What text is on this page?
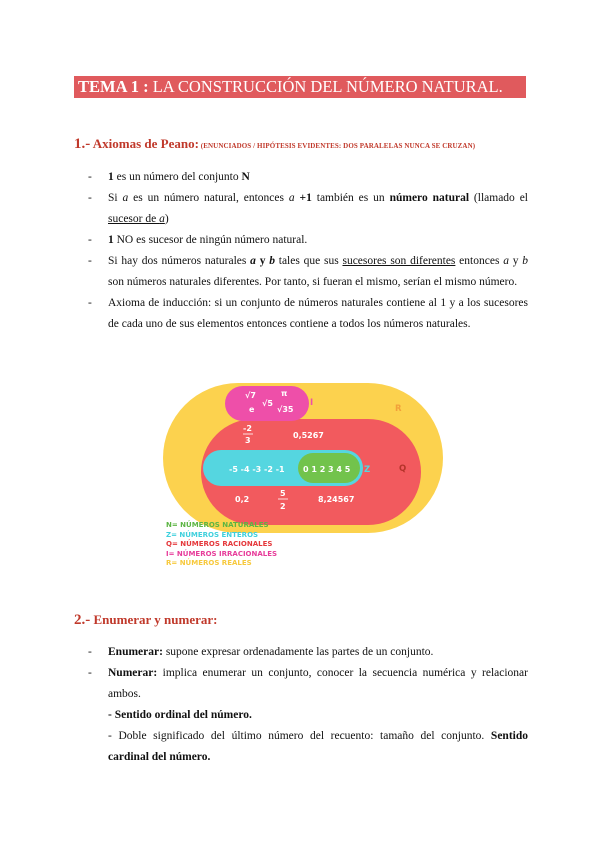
TEMA 1 : LA CONSTRUCCIÓN DEL NÚMERO NATURAL.
1.- Axiomas de Peano: (ENUNCIADOS / HIPÓTESIS EVIDENTES: DOS PARALELAS NUNCA SE CRUZAN)
- 1 es un número del conjunto N
- Si a es un número natural, entonces a +1 también es un número natural (llamado el sucesor de a)
- 1 NO es sucesor de ningún número natural.
- Si hay dos números naturales a y b tales que sus sucesores son diferentes entonces a y b son números naturales diferentes. Por tanto, si fueran el mismo, serían el mismo número.
- Axioma de inducción: si un conjunto de números naturales contiene al 1 y a los sucesores de cada uno de sus elementos entonces contiene a todos los números naturales.
√7
√5
π
e	√35
-2
3
0,5267
-5 -4 -3 -2 -1 0 1 2 3 4 5
0,2
5
2
8,24567
N Z	Q
I
R
N= NÚMEROS NATURALES
Z= NÚMEROS ENTEROS
Q= NÚMEROS RACIONALES
I= NÚMEROS IRRACIONALES
R= NÚMEROS REALES
2.- Enumerar y numerar:
- Enumerar: supone expresar ordenadamente las partes de un conjunto.
- Numerar: implica enumerar un conjunto, conocer la secuencia numérica y relacionar ambos.
- Sentido ordinal del número.
- Doble significado del último número del recuento: tamaño del conjunto. Sentido cardinal del número.
